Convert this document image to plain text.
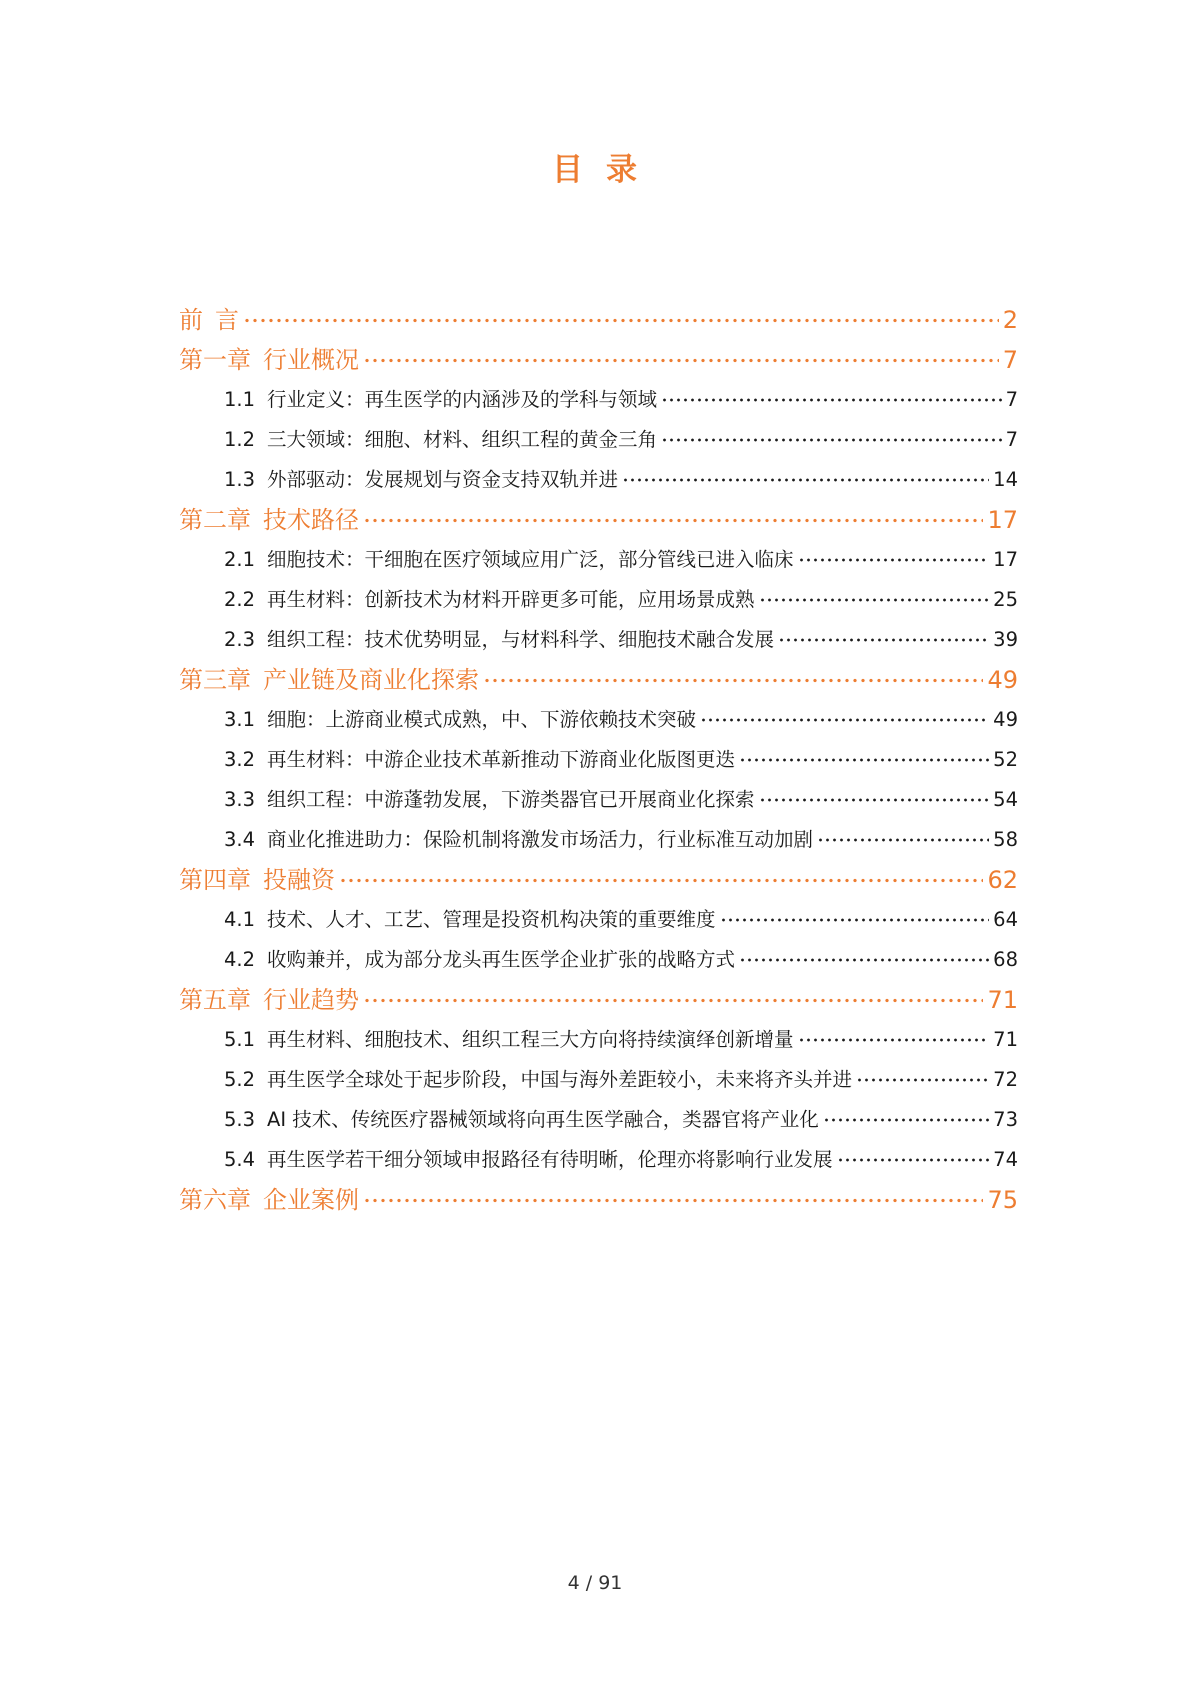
目 录
前 言	2
第一章 行业概况	7
1.1 行业定义：再生医学的内涵涉及的学科与领域	7
1.2 三大领域：细胞、材料、组织工程的黄金三角	7
1.3 外部驱动：发展规划与资金支持双轨并进	14
第二章 技术路径	17
2.1 细胞技术：干细胞在医疗领域应用广泛，部分管线已进入临床	17
2.2 再生材料：创新技术为材料开辟更多可能，应用场景成熟	25
2.3 组织工程：技术优势明显，与材料科学、细胞技术融合发展	39
第三章 产业链及商业化探索	49
3.1 细胞：上游商业模式成熟，中、下游依赖技术突破	49
3.2 再生材料：中游企业技术革新推动下游商业化版图更迭	52
3.3 组织工程：中游蓬勃发展，下游类器官已开展商业化探索	54
3.4 商业化推进助力：保险机制将激发市场活力，行业标准互动加剧	58
第四章 投融资	62
4.1 技术、人才、工艺、管理是投资机构决策的重要维度	64
4.2 收购兼并，成为部分龙头再生医学企业扩张的战略方式	68
第五章 行业趋势	71
5.1 再生材料、细胞技术、组织工程三大方向将持续演绎创新增量	71
5.2 再生医学全球处于起步阶段，中国与海外差距较小，未来将齐头并进	72
5.3 AI 技术、传统医疗器械领域将向再生医学融合，类器官将产业化	73
5.4 再生医学若干细分领域申报路径有待明晰，伦理亦将影响行业发展	74
第六章 企业案例	75
4 / 91
